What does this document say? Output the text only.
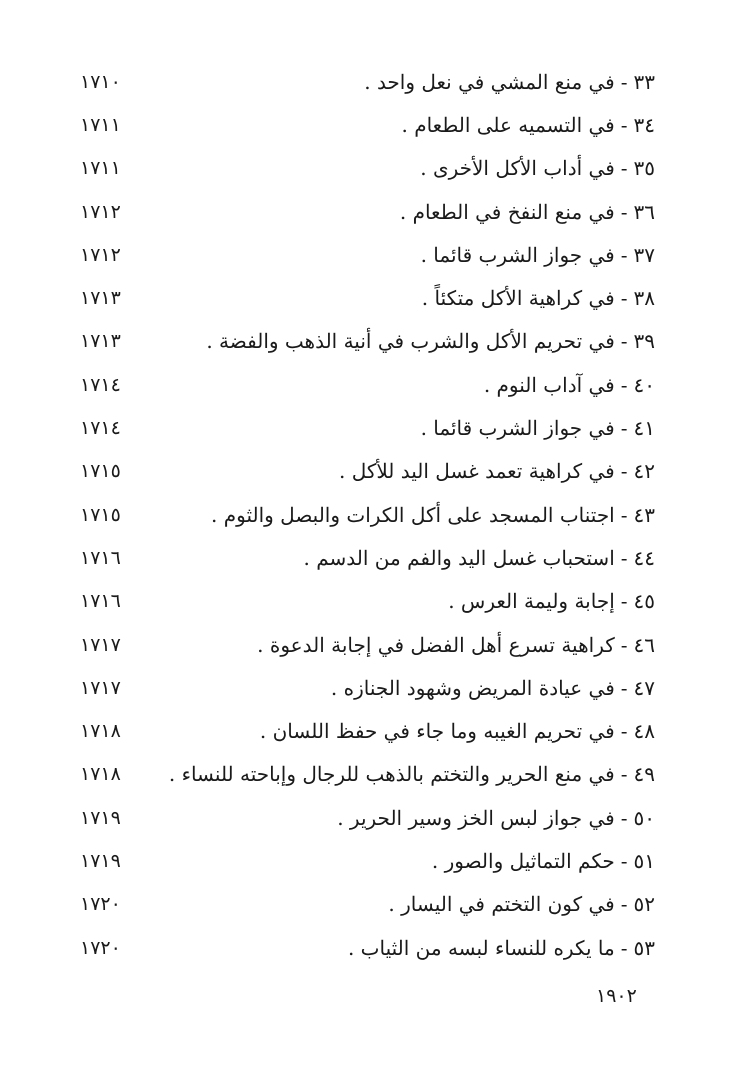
٣٣-في منع المشي في نعل واحد .
١٧١٠
٣٤-في التسميه على الطعام .
١٧١١
٣٥-في أداب الأكل الأخرى .
١٧١١
٣٦-في منع النفخ في الطعام .
١٧١٢
٣٧-في جواز الشرب قائما .
١٧١٢
٣٨-في كراهية الأكل متكئاً .
١٧١٣
٣٩-في تحريم الأكل والشرب في أنية الذهب والفضة .
١٧١٣
٤٠-في آداب النوم .
١٧١٤
٤١-في جواز الشرب قائما .
١٧١٤
٤٢-في كراهية تعمد غسل اليد للأكل .
١٧١٥
٤٣-اجتناب المسجد على أكل الكرات والبصل والثوم .
١٧١٥
٤٤-استحباب غسل اليد والفم من الدسم .
١٧١٦
٤٥-إجابة وليمة العرس .
١٧١٦
٤٦-كراهية تسرع أهل الفضل في إجابة الدعوة .
١٧١٧
٤٧-في عيادة المريض وشهود الجنازه .
١٧١٧
٤٨-في تحريم الغيبه وما جاء في حفظ اللسان .
١٧١٨
٤٩-في منع الحرير والتختم بالذهب للرجال وإباحته للنساء .
١٧١٨
٥٠-في جواز لبس الخز وسير الحرير .
١٧١٩
٥١-حكم التماثيل والصور .
١٧١٩
٥٢-في كون التختم في اليسار .
١٧٢٠
٥٣-ما يكره للنساء لبسه من الثياب .
١٧٢٠
١٩٠٢
